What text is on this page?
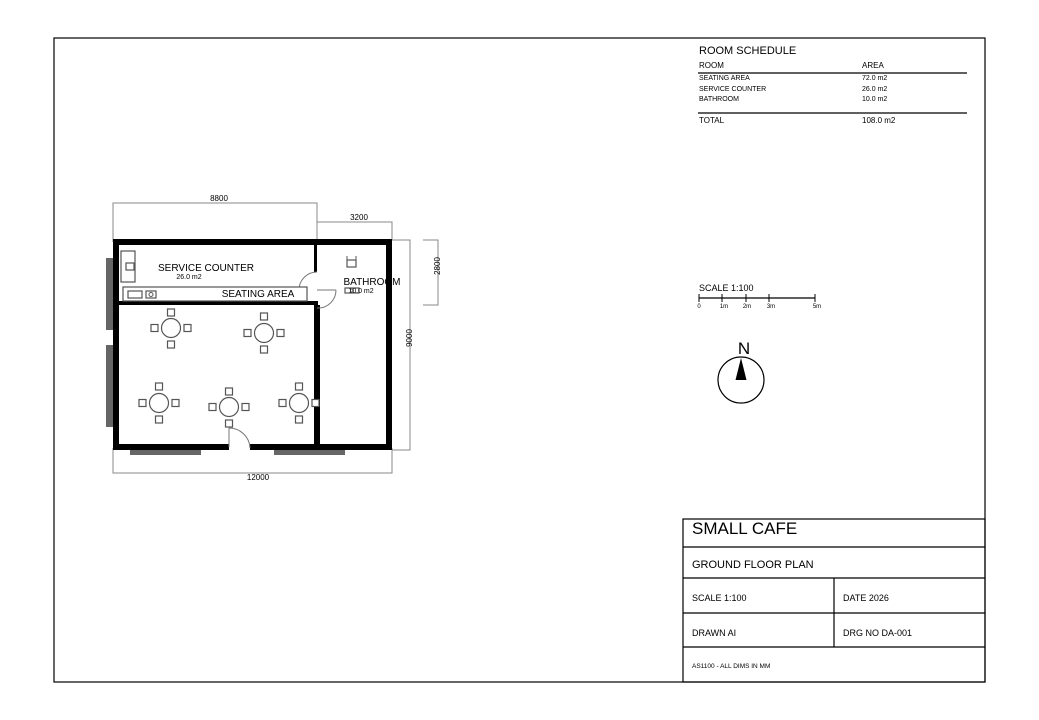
SERVICE COUNTER
26.0 m2
SEATING AREA
BATHROOM
10.0 m2
8800
3200
12000
9000
2800
ROOM SCHEDULE
ROOM	AREA
SEATING AREA	72.0 m2
SERVICE COUNTER	26.0 m2
BATHROOM	10.0 m2
TOTAL	108.0 m2
SCALE 1:100
0	1m 2m	3m	5m
N
SMALL CAFE
GROUND FLOOR PLAN
SCALE 1:100	DATE 2026
DRAWN AI	DRG NO DA-001
AS1100 - ALL DIMS IN MM
